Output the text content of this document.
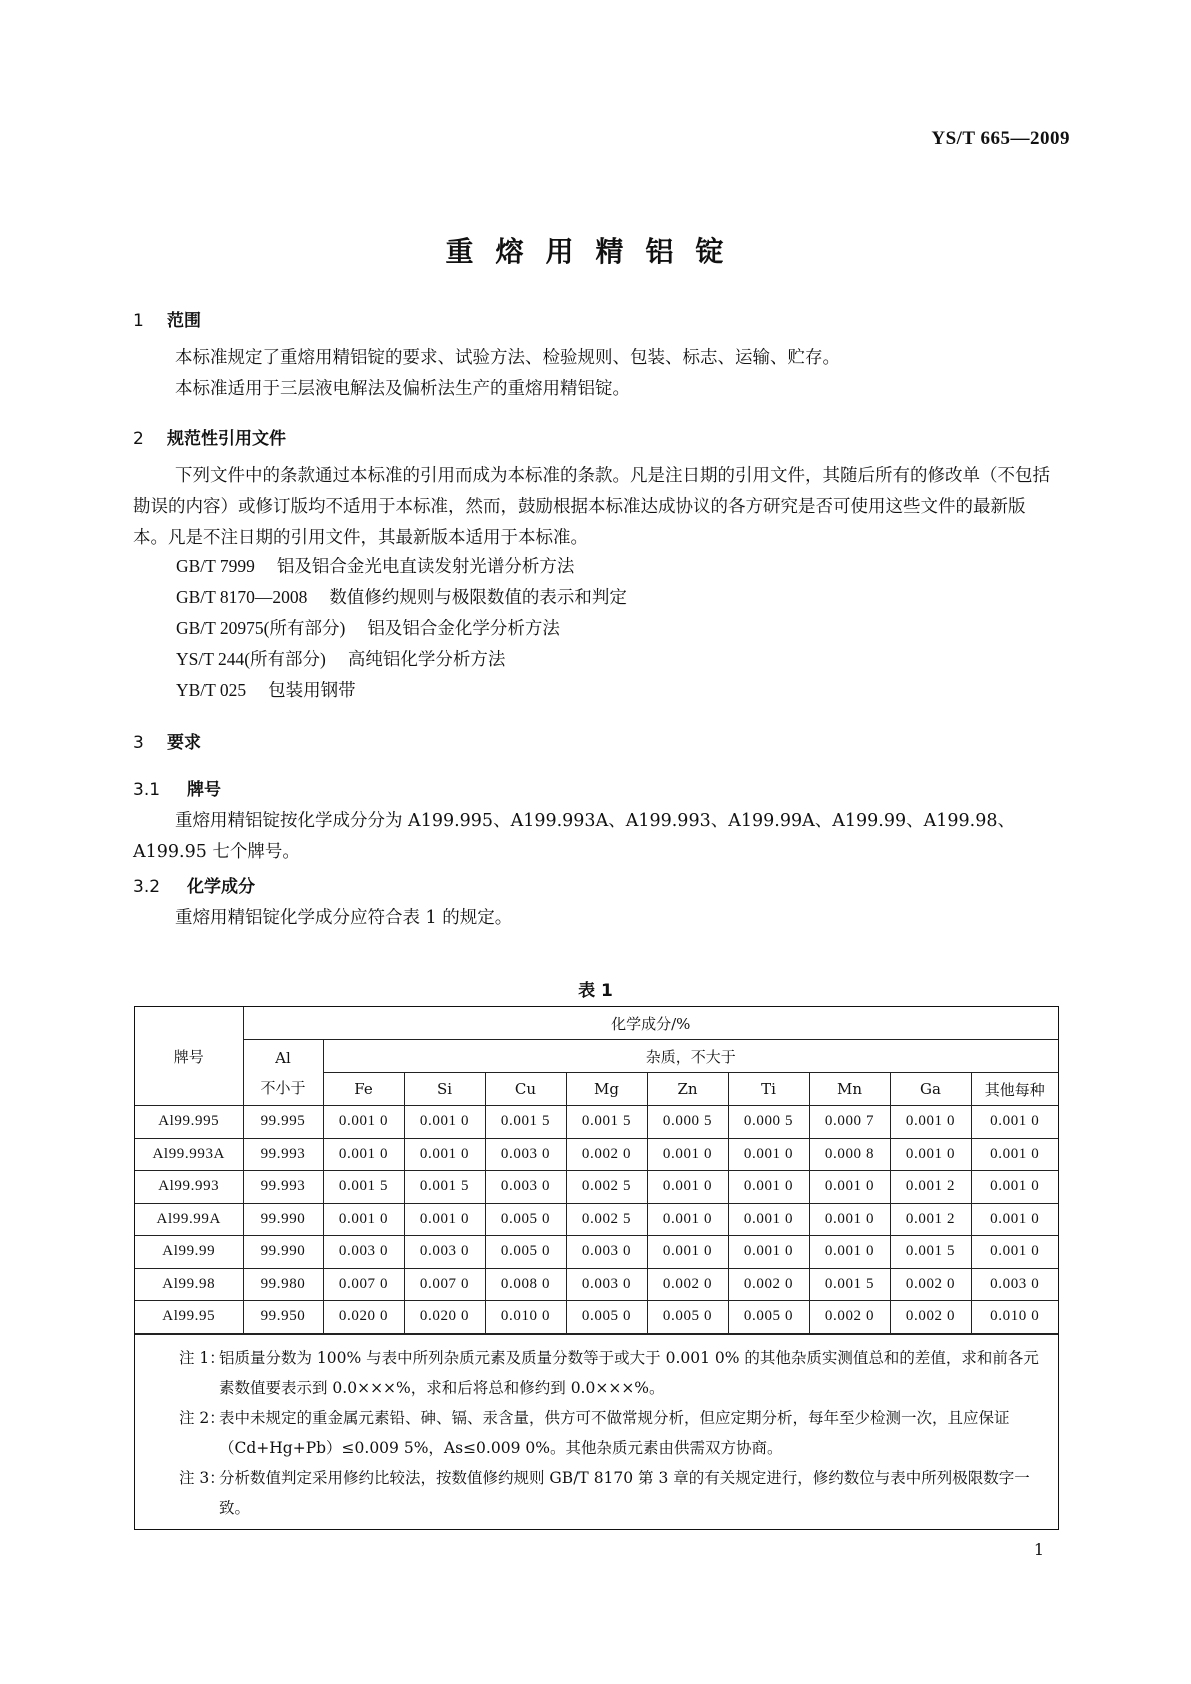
YS/T 665—2009
重熔用精铝锭
1 范围
本标准规定了重熔用精铝锭的要求、试验方法、检验规则、包装、标志、运输、贮存。
本标准适用于三层液电解法及偏析法生产的重熔用精铝锭。
2 规范性引用文件
下列文件中的条款通过本标准的引用而成为本标准的条款。凡是注日期的引用文件，其随后所有的修改单（不包括勘误的内容）或修订版均不适用于本标准，然而，鼓励根据本标准达成协议的各方研究是否可使用这些文件的最新版本。凡是不注日期的引用文件，其最新版本适用于本标准。
GB/T 7999 铝及铝合金光电直读发射光谱分析方法
GB/T 8170—2008 数值修约规则与极限数值的表示和判定
GB/T 20975(所有部分) 铝及铝合金化学分析方法
YS/T 244(所有部分) 高纯铝化学分析方法
YB/T 025 包装用钢带
3 要求
3.1 牌号
重熔用精铝锭按化学成分分为 A199.995、A199.993A、A199.993、A199.99A、A199.99、A199.98、A199.95 七个牌号。
3.2 化学成分
重熔用精铝锭化学成分应符合表 1 的规定。
表 1
牌号	化学成分/%									
	Al
不小于	杂质，不大于								
		Fe	Si	Cu	Mg	Zn	Ti	Mn	Ga	其他每种
Al99.995	99.995	0.001 0	0.001 0	0.001 5	0.001 5	0.000 5	0.000 5	0.000 7	0.001 0	0.001 0
Al99.993A	99.993	0.001 0	0.001 0	0.003 0	0.002 0	0.001 0	0.001 0	0.000 8	0.001 0	0.001 0
Al99.993	99.993	0.001 5	0.001 5	0.003 0	0.002 5	0.001 0	0.001 0	0.001 0	0.001 2	0.001 0
Al99.99A	99.990	0.001 0	0.001 0	0.005 0	0.002 5	0.001 0	0.001 0	0.001 0	0.001 2	0.001 0
Al99.99	99.990	0.003 0	0.003 0	0.005 0	0.003 0	0.001 0	0.001 0	0.001 0	0.001 5	0.001 0
Al99.98	99.980	0.007 0	0.007 0	0.008 0	0.003 0	0.002 0	0.002 0	0.001 5	0.002 0	0.003 0
Al99.95	99.950	0.020 0	0.020 0	0.010 0	0.005 0	0.005 0	0.005 0	0.002 0	0.002 0	0.010 0
注 1：
铝质量分数为 100% 与表中所列杂质元素及质量分数等于或大于 0.001 0% 的其他杂质实测值总和的差值，求和前各元素数值要表示到 0.0×××%，求和后将总和修约到 0.0×××%。
注 2：
表中未规定的重金属元素铅、砷、镉、汞含量，供方可不做常规分析，但应定期分析，每年至少检测一次，且应保证（Cd+Hg+Pb）≤0.009 5%，As≤0.009 0%。其他杂质元素由供需双方协商。
注 3：
分析数值判定采用修约比较法，按数值修约规则 GB/T 8170 第 3 章的有关规定进行，修约数位与表中所列极限数字一致。
1
